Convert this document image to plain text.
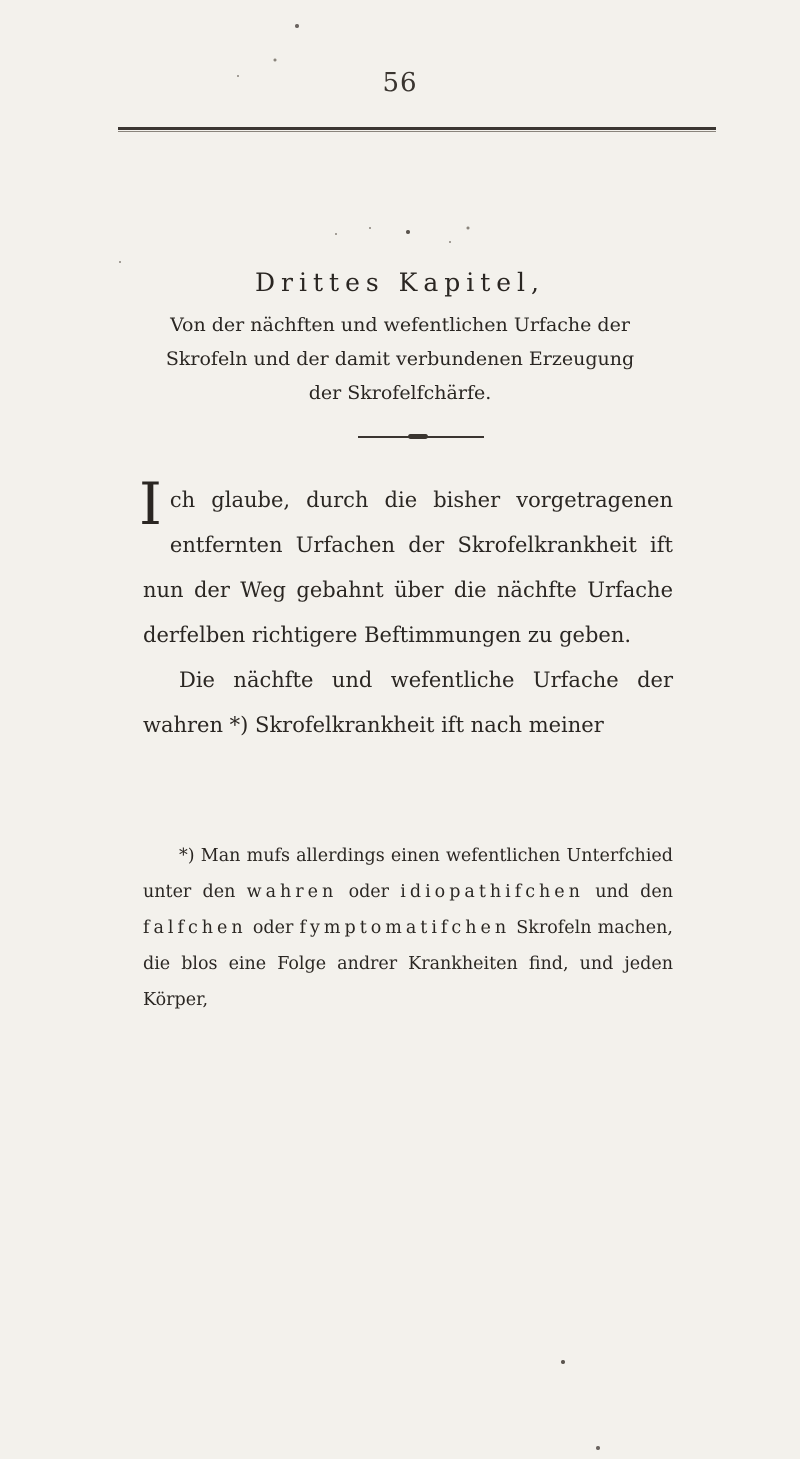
56
Drittes Kapitel,
Von der nächften und wefentlichen Urfache der Skrofeln und der damit verbundenen Erzeugung der Skrofelfchärfe.

Ich glaube, durch die bisher vorgetragenen entfernten Urfachen der Skrofelkrankheit ift nun der Weg gebahnt über die nächfte Urfache derfelben richtigere Beftimmungen zu geben.

Die nächfte und wefentliche Urfache der wahren *) Skrofelkrankheit ift nach meiner

*) Man mufs allerdings einen wefentlichen Unterfchied unter den wahren oder idiopathifchen und den falfchen oder fymptomatifchen Skrofeln machen, die blos eine Folge andrer Krankheiten find, und jeden Körper,
